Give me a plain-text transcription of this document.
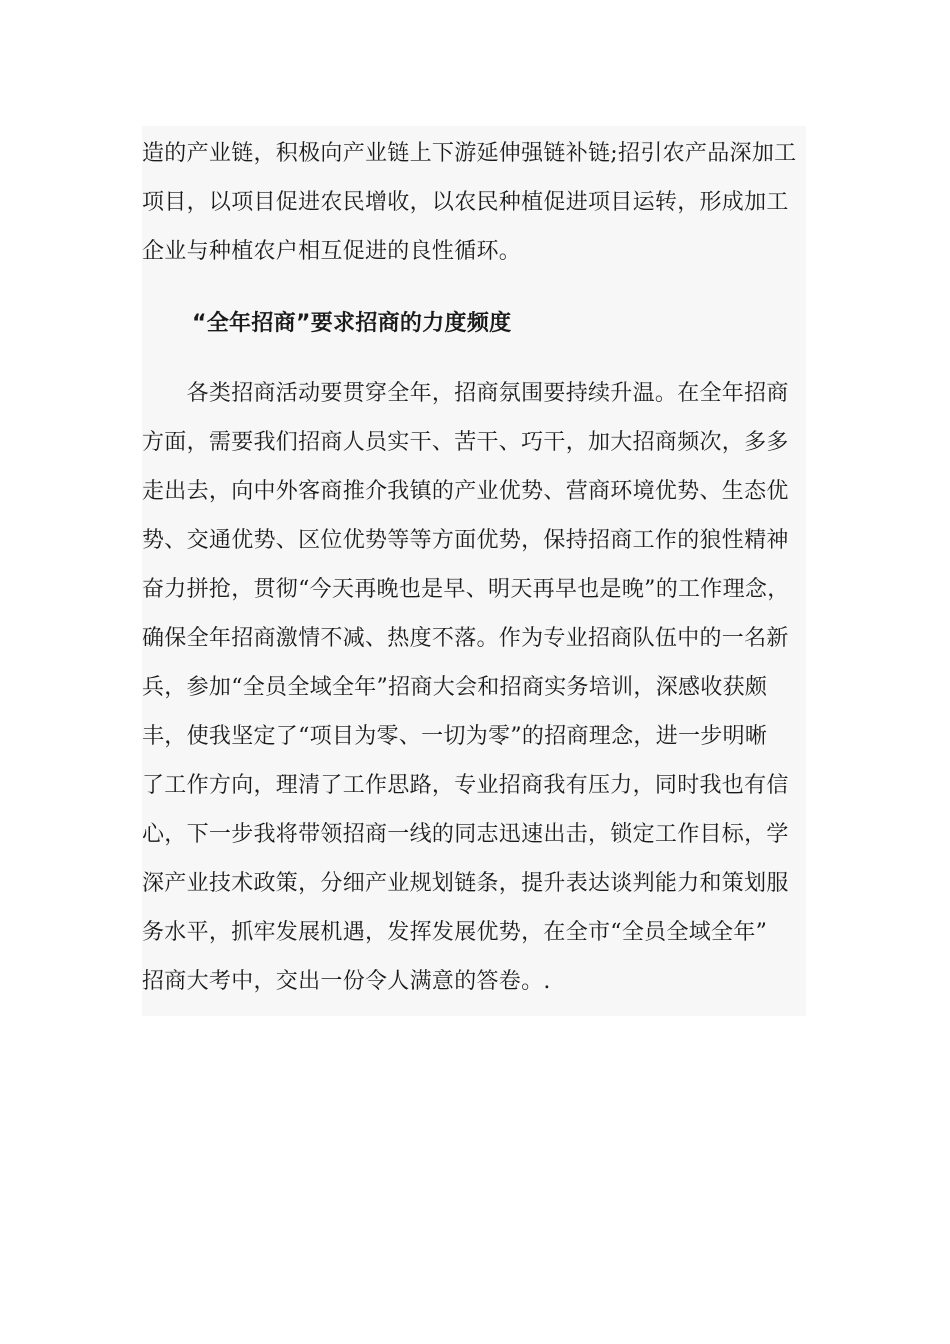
造的产业链，积极向产业链上下游延伸强链补链;招引农产品深加工
项目，以项目促进农民增收，以农民种植促进项目运转，形成加工
企业与种植农户相互促进的良性循环。

“全年招商”要求招商的力度频度

　　各类招商活动要贯穿全年，招商氛围要持续升温。在全年招商
方面，需要我们招商人员实干、苦干、巧干，加大招商频次，多多
走出去，向中外客商推介我镇的产业优势、营商环境优势、生态优
势、交通优势、区位优势等等方面优势，保持招商工作的狼性精神
奋力拼抢，贯彻“今天再晚也是早、明天再早也是晚”的工作理念，
确保全年招商激情不减、热度不落。作为专业招商队伍中的一名新
兵，参加“全员全域全年”招商大会和招商实务培训，深感收获颇
丰，使我坚定了“项目为零、一切为零”的招商理念，进一步明晰
了工作方向，理清了工作思路，专业招商我有压力，同时我也有信
心，下一步我将带领招商一线的同志迅速出击，锁定工作目标，学
深产业技术政策，分细产业规划链条，提升表达谈判能力和策划服
务水平，抓牢发展机遇，发挥发展优势，在全市“全员全域全年”
招商大考中，交出一份令人满意的答卷。.
